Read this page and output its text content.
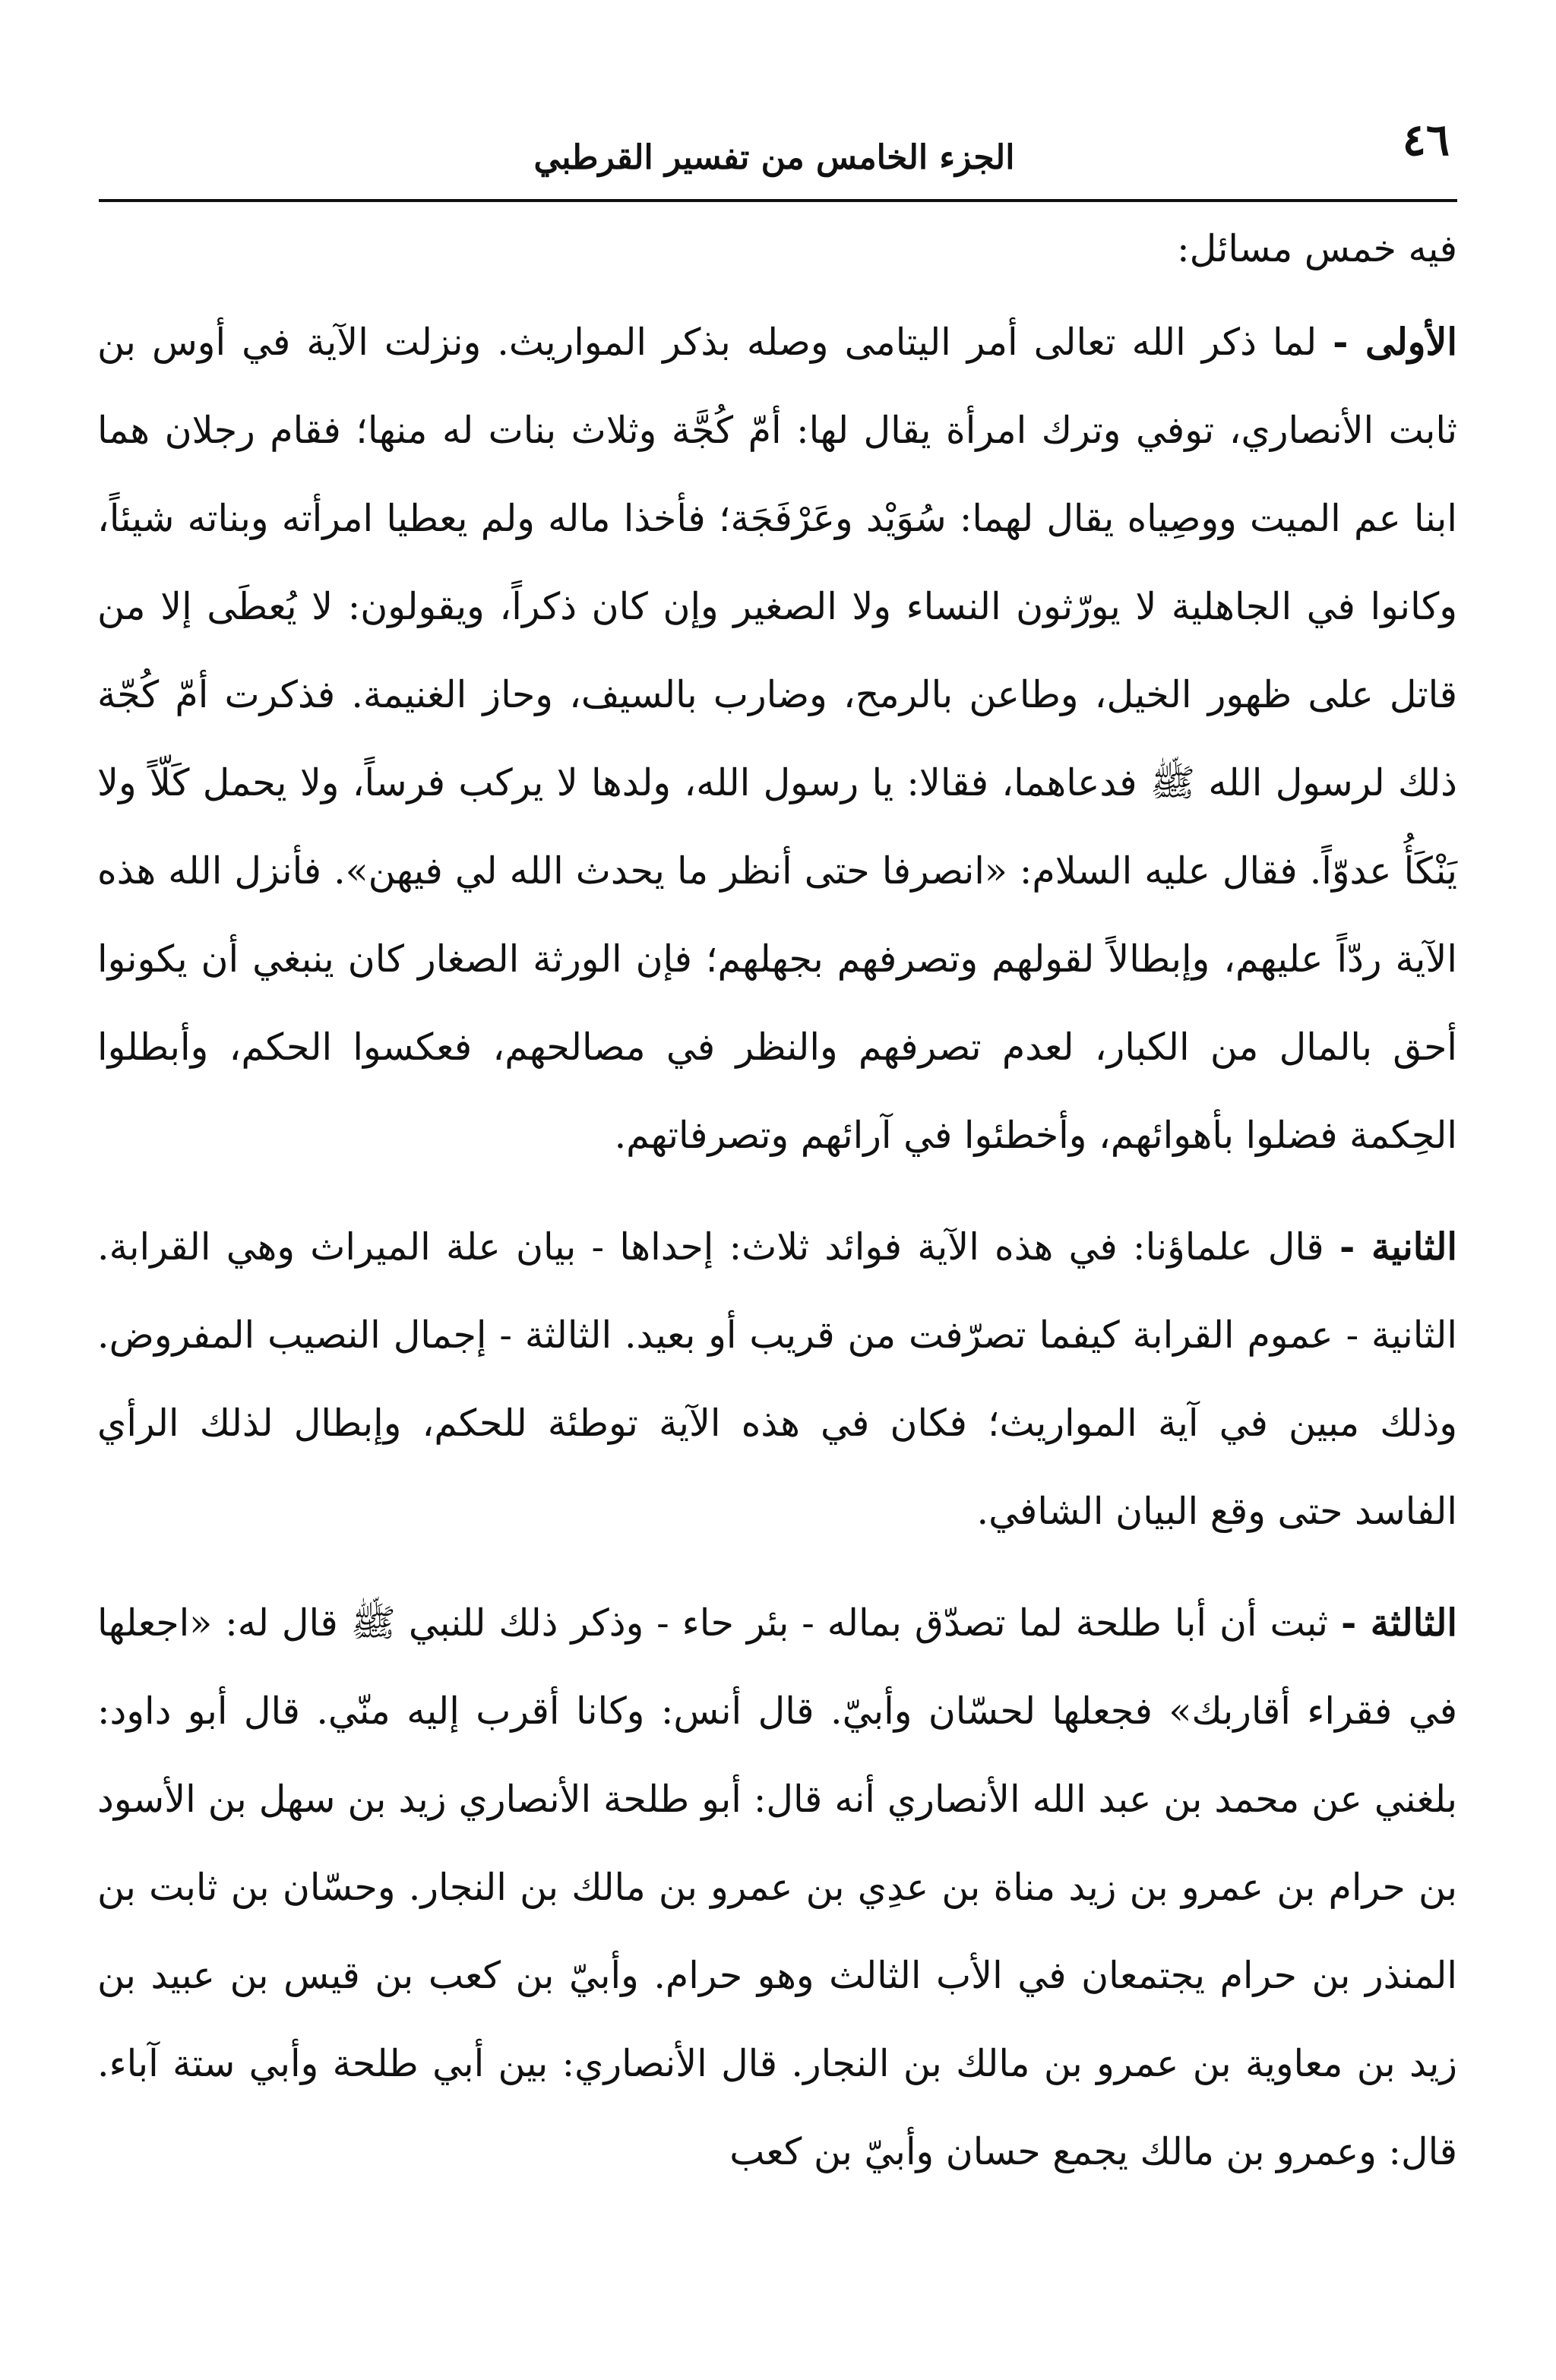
٤٦
الجزء الخامس من تفسير القرطبي

فيه خمس مسائل:

الأولى - لما ذكر الله تعالى أمر اليتامى وصله بذكر المواريث. ونزلت الآية في أوس بن ثابت الأنصاري، توفي وترك امرأة يقال لها: أمّ كُجَّة وثلاث بنات له منها؛ فقام رجلان هما ابنا عم الميت ووصِياه يقال لهما: سُوَيْد وعَرْفَجَة؛ فأخذا ماله ولم يعطيا امرأته وبناته شيئاً، وكانوا في الجاهلية لا يورّثون النساء ولا الصغير وإن كان ذكراً، ويقولون: لا يُعطَى إلا من قاتل على ظهور الخيل، وطاعن بالرمح، وضارب بالسيف، وحاز الغنيمة. فذكرت أمّ كُجّة ذلك لرسول الله ﷺ فدعاهما، فقالا: يا رسول الله، ولدها لا يركب فرساً، ولا يحمل كَلّاً ولا يَنْكَأُ عدوّاً. فقال عليه السلام: «انصرفا حتى أنظر ما يحدث الله لي فيهن». فأنزل الله هذه الآية ردّاً عليهم، وإبطالاً لقولهم وتصرفهم بجهلهم؛ فإن الورثة الصغار كان ينبغي أن يكونوا أحق بالمال من الكبار، لعدم تصرفهم والنظر في مصالحهم، فعكسوا الحكم، وأبطلوا الحِكمة فضلوا بأهوائهم، وأخطئوا في آرائهم وتصرفاتهم.

الثانية - قال علماؤنا: في هذه الآية فوائد ثلاث: إحداها - بيان علة الميراث وهي القرابة. الثانية - عموم القرابة كيفما تصرّفت من قريب أو بعيد. الثالثة - إجمال النصيب المفروض. وذلك مبين في آية المواريث؛ فكان في هذه الآية توطئة للحكم، وإبطال لذلك الرأي الفاسد حتى وقع البيان الشافي.

الثالثة - ثبت أن أبا طلحة لما تصدّق بماله - بئر حاء - وذكر ذلك للنبي ﷺ قال له: «اجعلها في فقراء أقاربك» فجعلها لحسّان وأبيّ. قال أنس: وكانا أقرب إليه منّي. قال أبو داود: بلغني عن محمد بن عبد الله الأنصاري أنه قال: أبو طلحة الأنصاري زيد بن سهل بن الأسود بن حرام بن عمرو بن زيد مناة بن عدِي بن عمرو بن مالك بن النجار. وحسّان بن ثابت بن المنذر بن حرام يجتمعان في الأب الثالث وهو حرام. وأبيّ بن كعب بن قيس بن عبيد بن زيد بن معاوية بن عمرو بن مالك بن النجار. قال الأنصاري: بين أبي طلحة وأبي ستة آباء. قال: وعمرو بن مالك يجمع حسان وأبيّ بن كعب
